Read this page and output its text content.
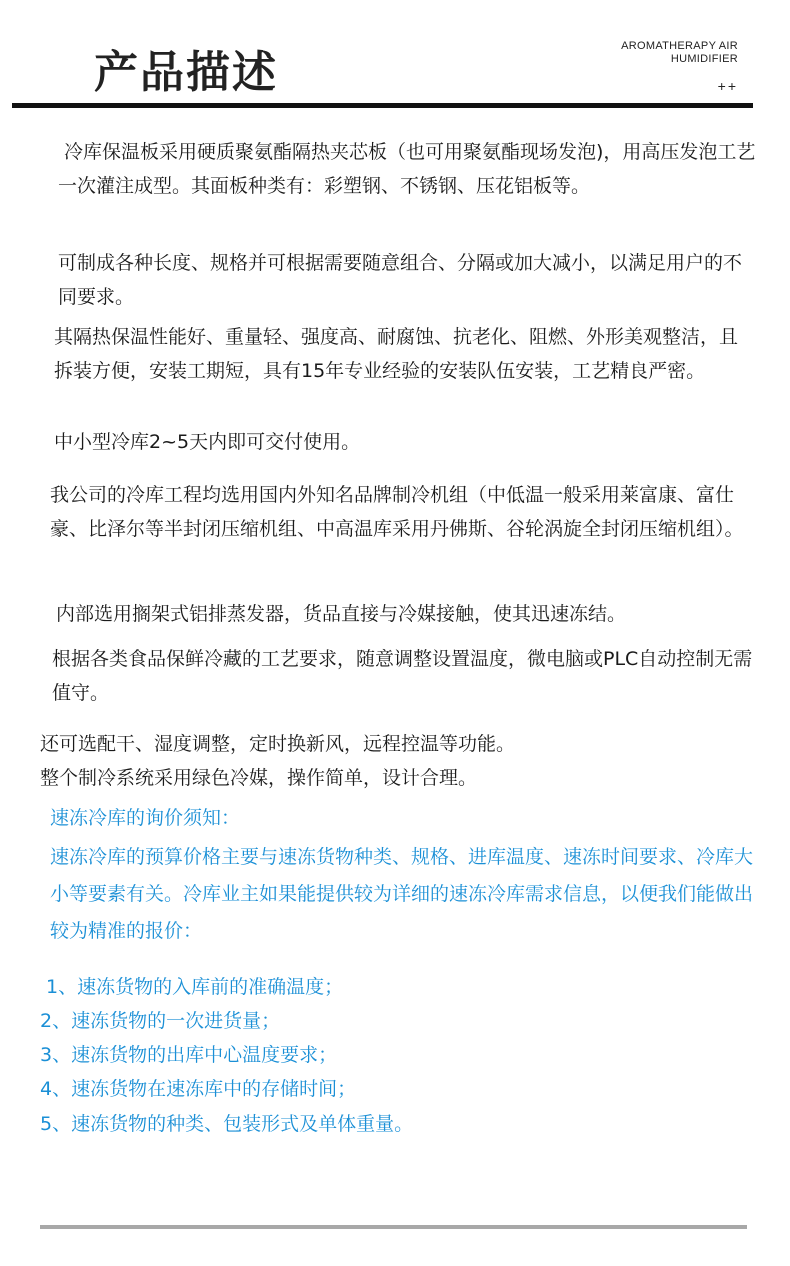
产品描述
AROMATHERAPY AIR
HUMIDIFIER
++
冷库保温板采用硬质聚氨酯隔热夹芯板（也可用聚氨酯现场发泡)，用高压发泡工艺一次灌注成型。其面板种类有：彩塑钢、不锈钢、压花铝板等。
可制成各种长度、规格并可根据需要随意组合、分隔或加大减小，以满足用户的不同要求。
其隔热保温性能好、重量轻、强度高、耐腐蚀、抗老化、阻燃、外形美观整洁，且拆装方便，安装工期短，具有15年专业经验的安装队伍安装，工艺精良严密。
中小型冷库2~5天内即可交付使用。
我公司的冷库工程均选用国内外知名品牌制冷机组（中低温一般采用莱富康、富仕豪、比泽尔等半封闭压缩机组、中高温库采用丹佛斯、谷轮涡旋全封闭压缩机组）。
内部选用搁架式铝排蒸发器，货品直接与冷媒接触，使其迅速冻结。
根据各类食品保鲜冷藏的工艺要求，随意调整设置温度，微电脑或PLC自动控制无需值守。
还可选配干、湿度调整，定时换新风，远程控温等功能。
整个制冷系统采用绿色冷媒，操作简单，设计合理。
速冻冷库的询价须知：
速冻冷库的预算价格主要与速冻货物种类、规格、进库温度、速冻时间要求、冷库大小等要素有关。冷库业主如果能提供较为详细的速冻冷库需求信息，以便我们能做出较为精准的报价：
1、速冻货物的入库前的准确温度；
2、速冻货物的一次进货量；
3、速冻货物的出库中心温度要求；
4、速冻货物在速冻库中的存储时间；
5、速冻货物的种类、包装形式及单体重量。
